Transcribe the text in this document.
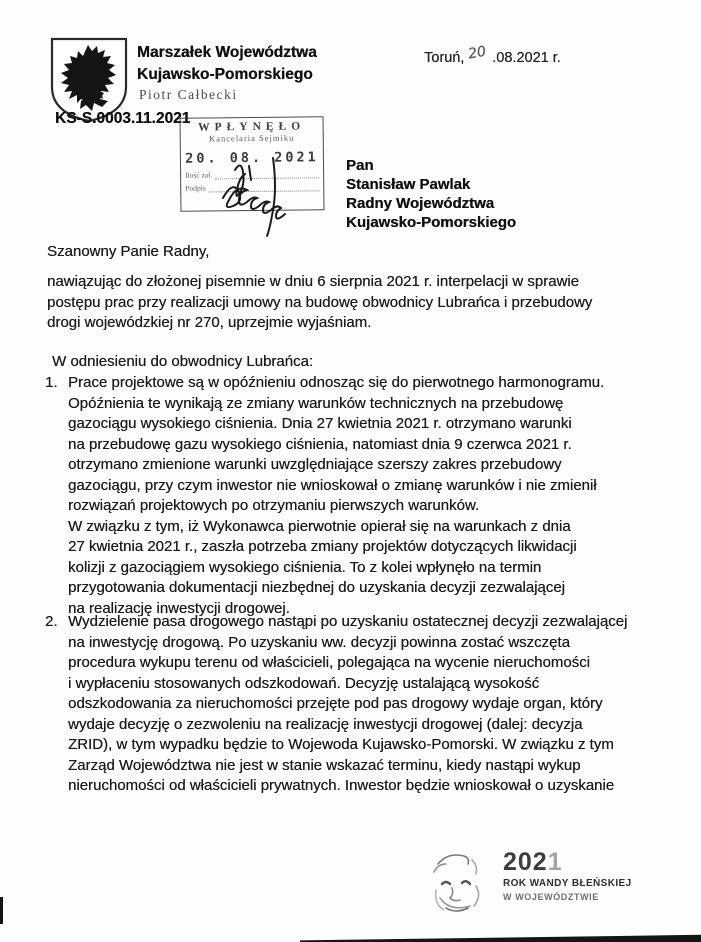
Marszałek Województwa
Kujawsko-Pomorskiego
Piotr Całbecki
Toruń, 20 .08.2021 r.
KS-S.0003.11.2021
WPŁYNĘŁO
Kancelaria Sejmiku
20. 08. 2021
Ilość zał.
Podpis
Pan
Stanisław Pawlak
Radny Województwa
Kujawsko-Pomorskiego
Szanowny Panie Radny,
nawiązując do złożonej pisemnie w dniu 6 sierpnia 2021 r. interpelacji w sprawie
postępu prac przy realizacji umowy na budowę obwodnicy Lubrańca i przebudowy
drogi wojewódzkiej nr 270, uprzejmie wyjaśniam.
W odniesieniu do obwodnicy Lubrańca:
1. Prace projektowe są w opóźnieniu odnosząc się do pierwotnego harmonogramu.
Opóźnienia te wynikają ze zmiany warunków technicznych na przebudowę
gazociągu wysokiego ciśnienia. Dnia 27 kwietnia 2021 r. otrzymano warunki
na przebudowę gazu wysokiego ciśnienia, natomiast dnia 9 czerwca 2021 r.
otrzymano zmienione warunki uwzględniające szerszy zakres przebudowy
gazociągu, przy czym inwestor nie wnioskował o zmianę warunków i nie zmienił
rozwiązań projektowych po otrzymaniu pierwszych warunków.
W związku z tym, iż Wykonawca pierwotnie opierał się na warunkach z dnia
27 kwietnia 2021 r., zaszła potrzeba zmiany projektów dotyczących likwidacji
kolizji z gazociągiem wysokiego ciśnienia. To z kolei wpłynęło na termin
przygotowania dokumentacji niezbędnej do uzyskania decyzji zezwalającej
na realizację inwestycji drogowej.
2. Wydzielenie pasa drogowego nastąpi po uzyskaniu ostatecznej decyzji zezwalającej
na inwestycję drogową. Po uzyskaniu ww. decyzji powinna zostać wszczęta
procedura wykupu terenu od właścicieli, polegająca na wycenie nieruchomości
i wypłaceniu stosowanych odszkodowań. Decyzję ustalającą wysokość
odszkodowania za nieruchomości przejęte pod pas drogowy wydaje organ, który
wydaje decyzję o zezwoleniu na realizację inwestycji drogowej (dalej: decyzja
ZRID), w tym wypadku będzie to Wojewoda Kujawsko-Pomorski. W związku z tym
Zarząd Województwa nie jest w stanie wskazać terminu, kiedy nastąpi wykup
nieruchomości od właścicieli prywatnych. Inwestor będzie wnioskował o uzyskanie
2021
ROK WANDY BŁEŃSKIEJ
W WOJEWÓDZTWIE
